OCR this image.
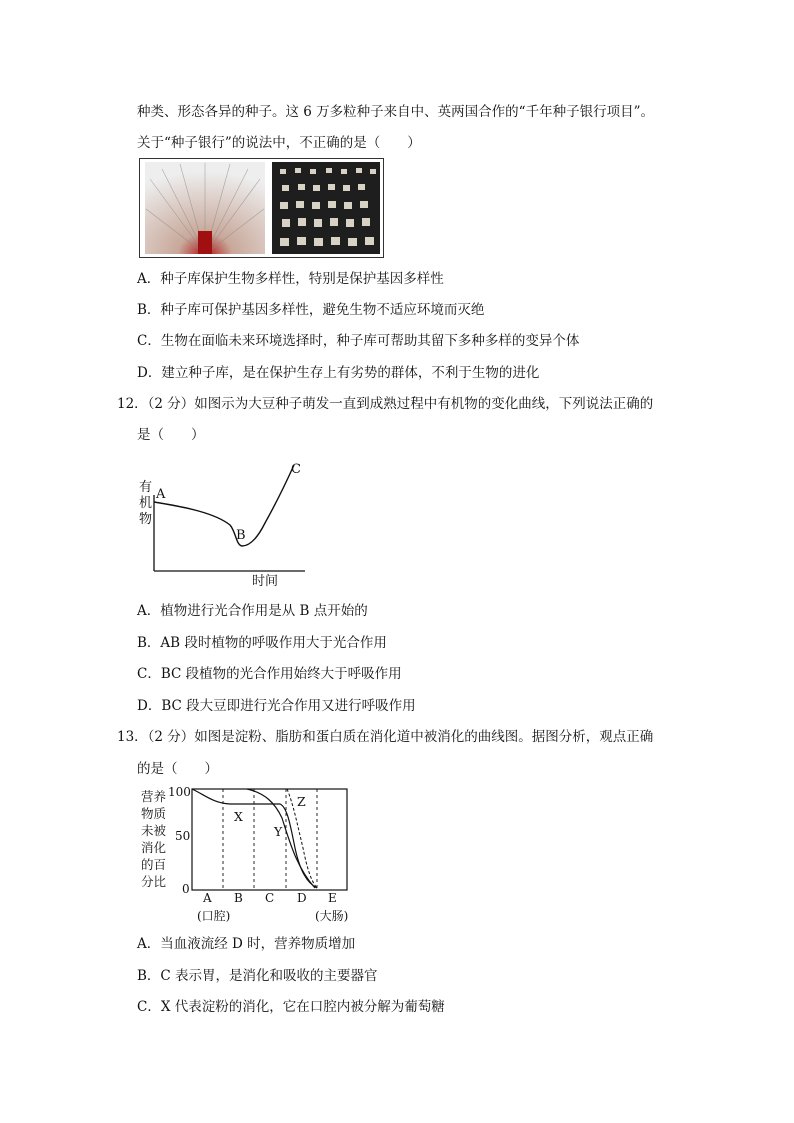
种类、形态各异的种子。这 6 万多粒种子来自中、英两国合作的“千年种子银行项目”。
关于“种子银行”的说法中，不正确的是（　　）
A．种子库保护生物多样性，特别是保护基因多样性
B．种子库可保护基因多样性，避免生物不适应环境而灭绝
C．生物在面临未来环境选择时，种子库可帮助其留下多种多样的变异个体
D．建立种子库，是在保护生存上有劣势的群体，不利于生物的进化
12．（2 分）如图示为大豆种子萌发一直到成熟过程中有机物的变化曲线，下列说法正确的
是（　　）
有
机
物
A
B
C
时间
A．植物进行光合作用是从 B 点开始的
B．AB 段时植物的呼吸作用大于光合作用
C．BC 段植物的光合作用始终大于呼吸作用
D．BC 段大豆即进行光合作用又进行呼吸作用
13．（2 分）如图是淀粉、脂肪和蛋白质在消化道中被消化的曲线图。据图分析，观点正确
的是（　　）
营养
物质
未被
消化
的百
分比
100
50
0
A B C D E
(口腔)	(大肠)
X
Y
Z
A．当血液流经 D 时，营养物质增加
B．C 表示胃，是消化和吸收的主要器官
C．X 代表淀粉的消化，它在口腔内被分解为葡萄糖
